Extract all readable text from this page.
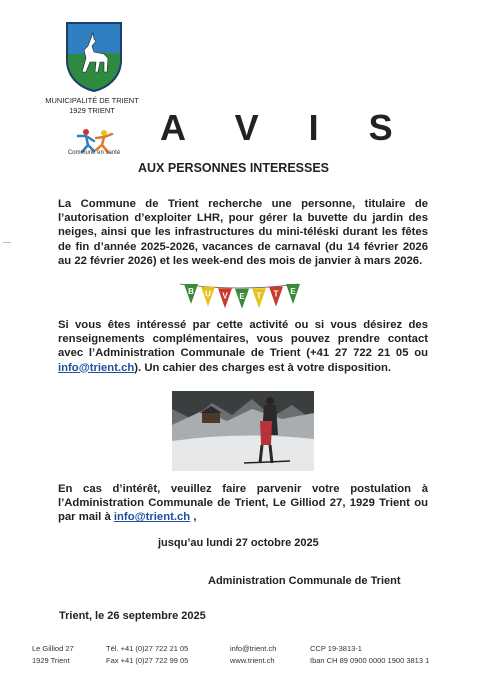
MUNICIPALITÉ DE TRIENT
1929 TRIENT
Commune en santé
A V I S
AUX PERSONNES INTERESSES
La Commune de Trient recherche une personne, titulaire de l’autorisation d’exploiter LHR, pour gérer la buvette du jardin des neiges, ainsi que les infrastructures du mini-téléski durant les fêtes de fin d’année 2025-2026, vacances de carnaval (du 14 février 2026 au 22 février 2026) et les week-end des mois de janvier à mars 2026.
B U V E T T E
Si vous êtes intéressé par cette activité ou si vous désirez des renseignements complémentaires, vous pouvez prendre contact avec l’Administration Communale de Trient (+41 27 722 21 05 ou info@trient.ch). Un cahier des charges est à votre disposition.
En cas d’intérêt, veuillez faire parvenir votre postulation à l’Administration Communale de Trient, Le Gilliod 27, 1929 Trient ou par mail à info@trient.ch ,
jusqu’au lundi 27 octobre 2025
Administration Communale de Trient
Trient, le 26 septembre 2025
Le Gilliod 27
1929 Trient
Tél. +41 (0)27 722 21 05
Fax +41 (0)27 722 99 05
info@trient.ch
www.trient.ch
CCP 19-3813-1
Iban CH 89 0900 0000 1900 3813 1
